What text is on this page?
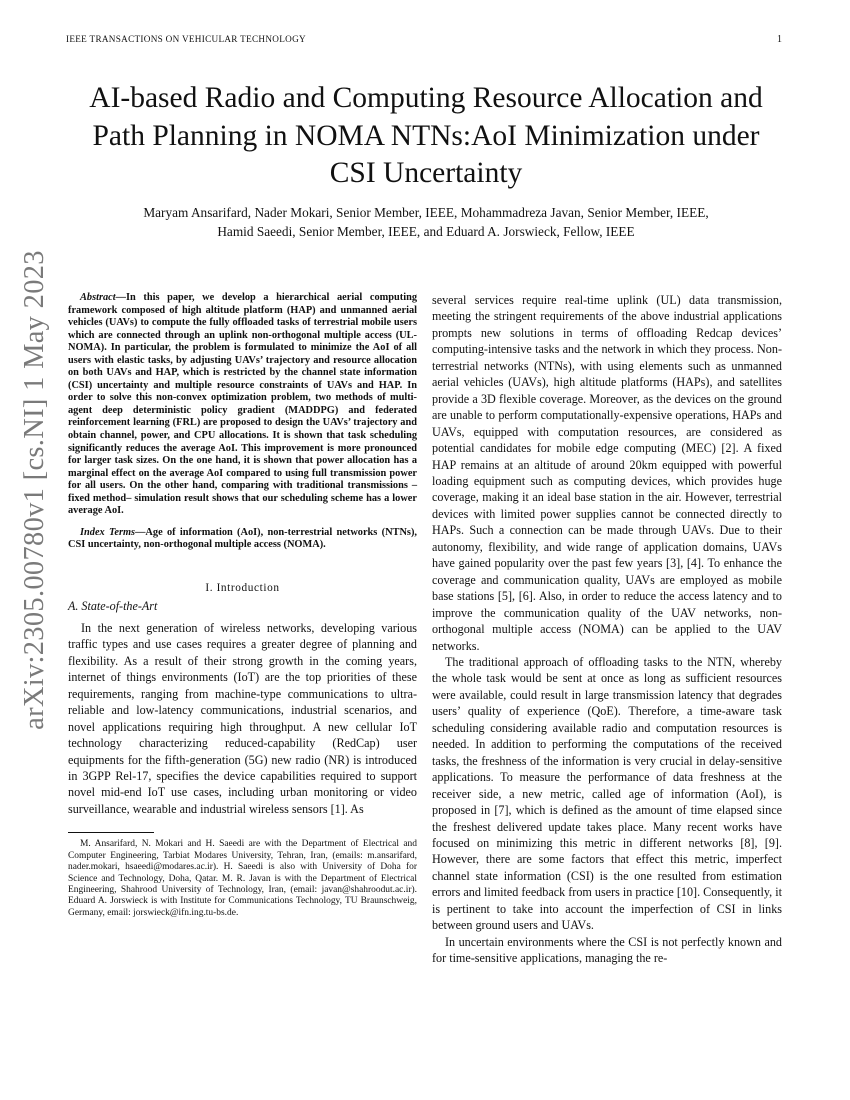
IEEE TRANSACTIONS ON VEHICULAR TECHNOLOGY	1
arXiv:2305.00780v1 [cs.NI] 1 May 2023
AI-based Radio and Computing Resource Allocation and Path Planning in NOMA NTNs:AoI Minimization under CSI Uncertainty
Maryam Ansarifard, Nader Mokari, Senior Member, IEEE, Mohammadreza Javan, Senior Member, IEEE,
Hamid Saeedi, Senior Member, IEEE, and Eduard A. Jorswieck, Fellow, IEEE

Abstract—In this paper, we develop a hierarchical aerial computing framework composed of high altitude platform (HAP) and unmanned aerial vehicles (UAVs) to compute the fully offloaded tasks of terrestrial mobile users which are connected through an uplink non-orthogonal multiple access (UL-NOMA). In particular, the problem is formulated to minimize the AoI of all users with elastic tasks, by adjusting UAVs’ trajectory and resource allocation on both UAVs and HAP, which is restricted by the channel state information (CSI) uncertainty and multiple resource constraints of UAVs and HAP. In order to solve this non-convex optimization problem, two methods of multi-agent deep deterministic policy gradient (MADDPG) and federated reinforcement learning (FRL) are proposed to design the UAVs’ trajectory and obtain channel, power, and CPU allocations. It is shown that task scheduling significantly reduces the average AoI. This improvement is more pronounced for larger task sizes. On the one hand, it is shown that power allocation has a marginal effect on the average AoI compared to using full transmission power for all users. On the other hand, comparing with traditional transmissions –fixed method– simulation result shows that our scheduling scheme has a lower average AoI.

Index Terms—Age of information (AoI), non-terrestrial networks (NTNs), CSI uncertainty, non-orthogonal multiple access (NOMA).

I. Introduction
A. State-of-the-Art

In the next generation of wireless networks, developing various traffic types and use cases requires a greater degree of planning and flexibility. As a result of their strong growth in the coming years, internet of things environments (IoT) are the top priorities of these requirements, ranging from machine-type communications to ultra-reliable and low-latency communications, industrial scenarios, and novel applications requiring high throughput. A new cellular IoT technology characterizing reduced-capability (RedCap) user equipments for the fifth-generation (5G) new radio (NR) is introduced in 3GPP Rel-17, specifies the device capabilities required to support novel mid-end IoT use cases, including urban monitoring or video surveillance, wearable and industrial wireless sensors [1]. As

M. Ansarifard, N. Mokari and H. Saeedi are with the Department of Electrical and Computer Engineering, Tarbiat Modares University, Tehran, Iran, (emails: m.ansarifard, nader.mokari, hsaeedi@modares.ac.ir). H. Saeedi is also with University of Doha for Science and Technology, Doha, Qatar. M. R. Javan is with the Department of Electrical Engineering, Shahrood University of Technology, Iran, (email: javan@shahroodut.ac.ir). Eduard A. Jorswieck is with Institute for Communications Technology, TU Braunschweig, Germany, email: jorswieck@ifn.ing.tu-bs.de.

several services require real-time uplink (UL) data transmission, meeting the stringent requirements of the above industrial applications prompts new solutions in terms of offloading Redcap devices’ computing-intensive tasks and the network in which they process. Non-terrestrial networks (NTNs), with using elements such as unmanned aerial vehicles (UAVs), high altitude platforms (HAPs), and satellites provide a 3D flexible coverage. Moreover, as the devices on the ground are unable to perform computationally-expensive operations, HAPs and UAVs, equipped with computation resources, are considered as potential candidates for mobile edge computing (MEC) [2]. A fixed HAP remains at an altitude of around 20km equipped with powerful loading equipment such as computing devices, which provides huge coverage, making it an ideal base station in the air. However, terrestrial devices with limited power supplies cannot be connected directly to HAPs. Such a connection can be made through UAVs. Due to their autonomy, flexibility, and wide range of application domains, UAVs have gained popularity over the past few years [3], [4]. To enhance the coverage and communication quality, UAVs are employed as mobile base stations [5], [6]. Also, in order to reduce the access latency and to improve the communication quality of the UAV networks, non-orthogonal multiple access (NOMA) can be applied to the UAV networks.

The traditional approach of offloading tasks to the NTN, whereby the whole task would be sent at once as long as sufficient resources were available, could result in large transmission latency that degrades users’ quality of experience (QoE). Therefore, a time-aware task scheduling considering available radio and computation resources is needed. In addition to performing the computations of the received tasks, the freshness of the information is very crucial in delay-sensitive applications. To measure the performance of data freshness at the receiver side, a new metric, called age of information (AoI), is proposed in [7], which is defined as the amount of time elapsed since the freshest delivered update takes place. Many recent works have focused on minimizing this metric in different networks [8], [9]. However, there are some factors that effect this metric, imperfect channel state information (CSI) is the one resulted from estimation errors and limited feedback from users in practice [10]. Consequently, it is pertinent to take into account the imperfection of CSI in links between ground users and UAVs.

In uncertain environments where the CSI is not perfectly known and for time-sensitive applications, managing the re-
